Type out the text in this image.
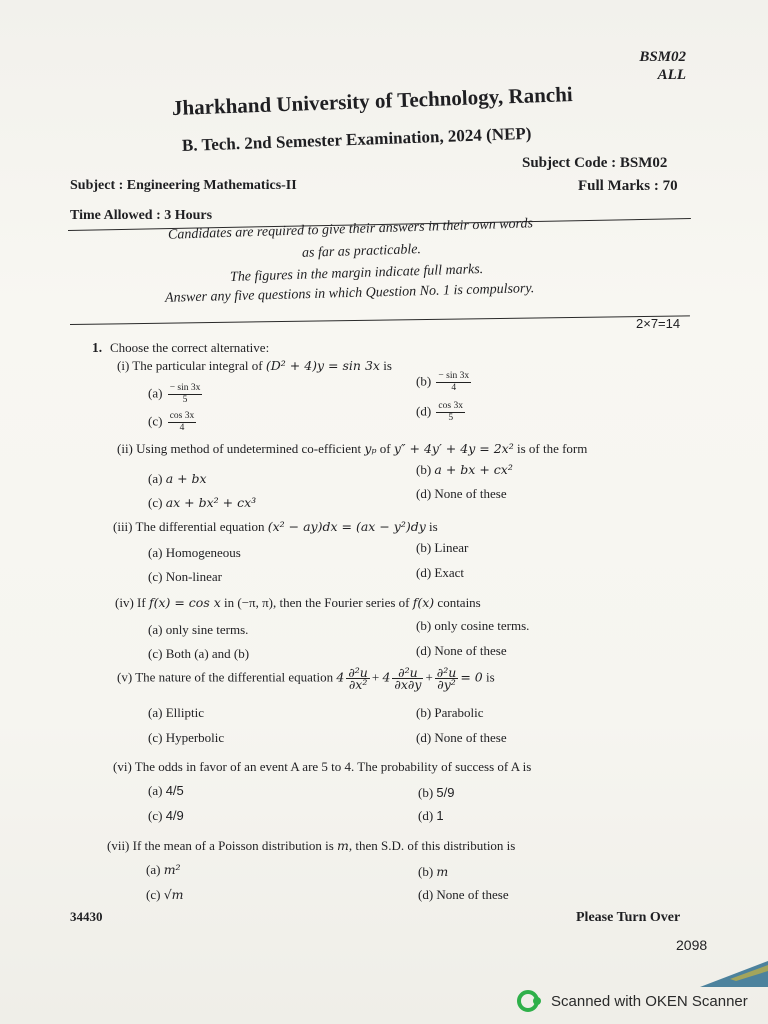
BSM02
ALL
Jharkhand University of Technology, Ranchi
B. Tech. 2nd Semester Examination, 2024 (NEP)
Subject Code : BSM02
Subject : Engineering Mathematics-II	Full Marks : 70
Time Allowed : 3 Hours
Candidates are required to give their answers in their own words
as far as practicable.
The figures in the margin indicate full marks.
Answer any five questions in which Question No. 1 is compulsory.
2×7=14
1. Choose the correct alternative:
(i) The particular integral of (D² + 4)y = sin 3x is
$(a) \frac{- \sin 3x}{5}$
$(b) \frac{- \sin 3x}{4}$
$(c) \frac{\cos 3x}{4}$
$(d) \frac{\cos 3x}{5}$
(ii) Using method of undetermined co-efficient yₚ of y″ + 4y′ + 4y = 2x² is of the form
(a) a + bx
(b) a + bx + cx²
(c) ax + bx² + cx³
(d) None of these
(iii) The differential equation (x² − ay)dx = (ax − y²)dy is
(a) Homogeneous	(b) Linear
(c) Non-linear	(d) Exact
(iv) If f(x) = cos x in (−π, π), then the Fourier series of f(x) contains
(a) only sine terms.	(b) only cosine terms.
(c) Both (a) and (b)	(d) None of these
(v) The nature of the differential equation $4 \frac{\text{∂²u}}{\text{∂x²}} + 4 \frac{\text{∂²u}}{\partial x\partial y} + \frac{\text{∂²u}}{\text{∂y²}} = 0$ is
(a) Elliptic	(b) Parabolic
(c) Hyperbolic	(d) None of these
(vi) The odds in favor of an event A are 5 to 4. The probability of success of A is
(a) 4/5	(b) 5/9
(c) 4/9	(d) 1
(vii) If the mean of a Poisson distribution is m, then S.D. of this distribution is
(a) m²	(b) m
(c) √m	(d) None of these
34430	Please Turn Over
2098
Scanned with OKEN Scanner
